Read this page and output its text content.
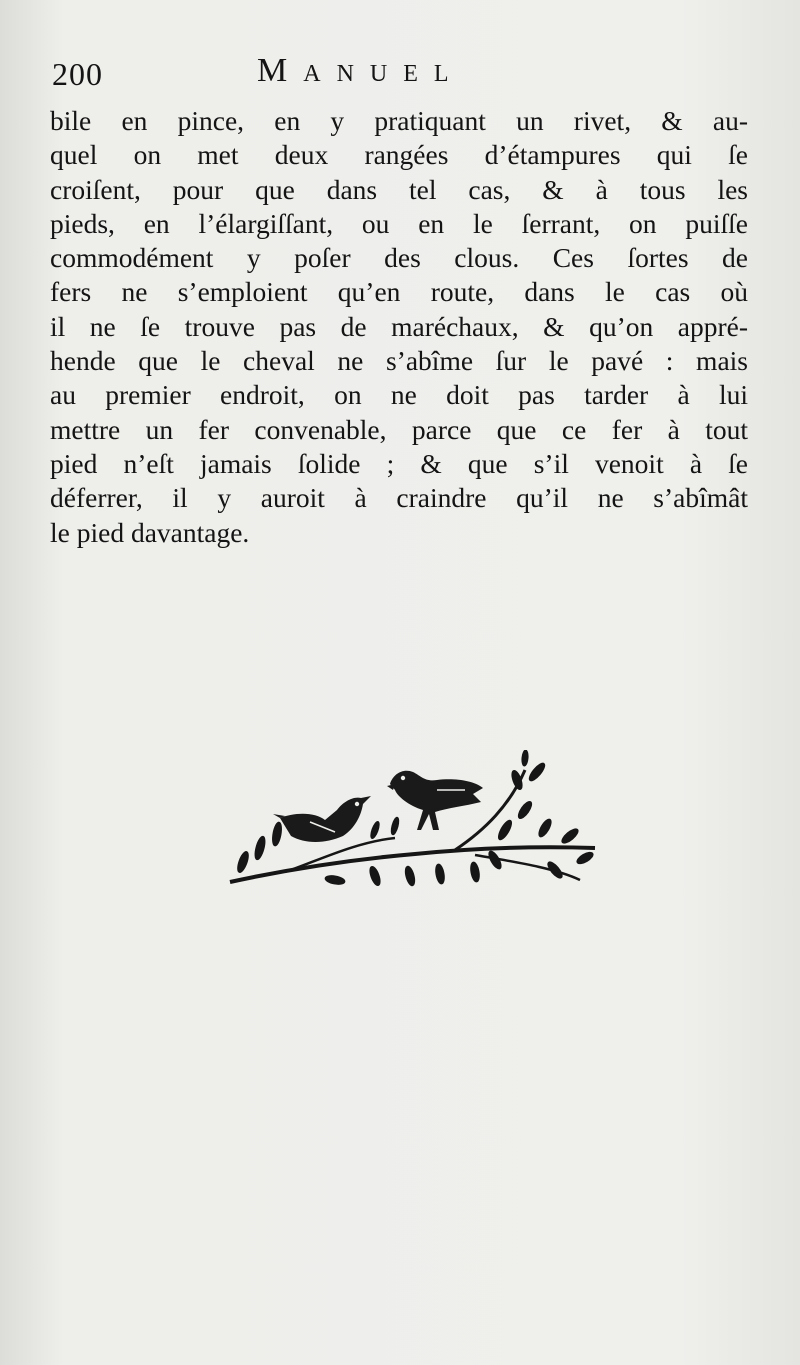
200	Manuel
bile en pince, en y pratiquant un rivet, & au-
quel on met deux rangées d’étampures qui ſe
croiſent, pour que dans tel cas, & à tous les
pieds, en l’élargiſſant, ou en le ſerrant, on puiſſe
commodément y poſer des clous. Ces ſortes de
fers ne s’emploient qu’en route, dans le cas où
il ne ſe trouve pas de maréchaux, & qu’on appré-
hende que le cheval ne s’abîme ſur le pavé : mais
au premier endroit, on ne doit pas tarder à lui
mettre un fer convenable, parce que ce fer à tout
pied n’eſt jamais ſolide ; & que s’il venoit à ſe
déferrer, il y auroit à craindre qu’il ne s’abîmât
le pied davantage.
